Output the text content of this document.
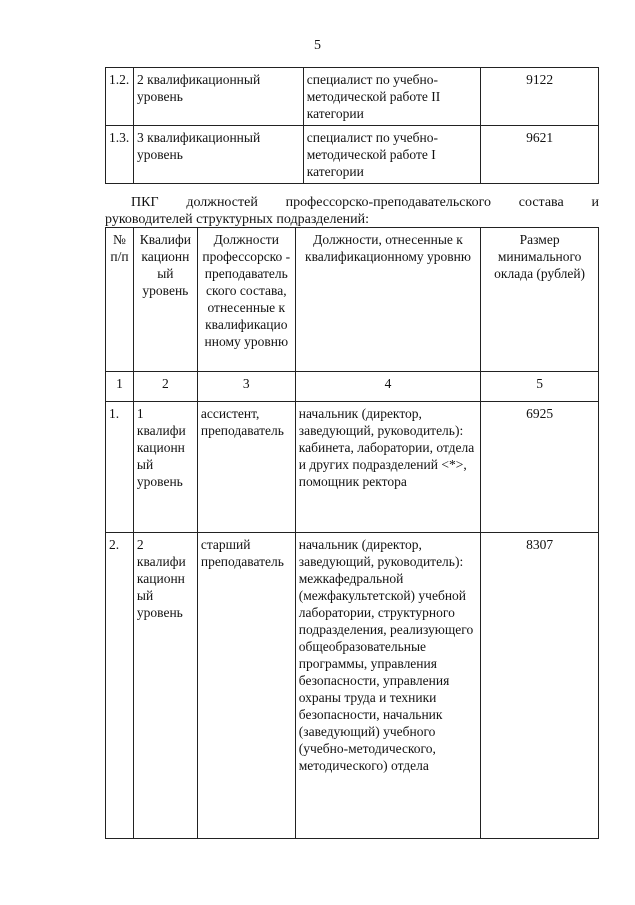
5
1.2.	2 квалификационный уровень	специалист по учебно-методической работе II категории	9122
1.3.	3 квалификационный уровень	специалист по учебно-методической работе I категории	9621
ПКГ должностей профессорско-преподавательского состава и
руководителей структурных подразделений:
№ п/п	Квалифи кационн ый уровень	Должности профессорско - преподаватель ского состава, отнесенные к квалификацио нному уровню	Должности, отнесенные к квалификационному уровню	Размер минимального оклада (рублей)
1	2	3	4	5
1.	1 квалифи кационн ый уровень	ассистент, преподаватель	начальник (директор, заведующий, руководитель): кабинета, лаборатории, отдела и других подразделений <*>, помощник ректора	6925
2.	2 квалифи кационн ый уровень	старший преподаватель	начальник (директор, заведующий, руководитель): межкафедральной (межфакультетской) учебной лаборатории, структурного подразделения, реализующего общеобразовательные программы, управления безопасности, управления охраны труда и техники безопасности, начальник (заведующий) учебного (учебно-методического, методического) отдела	8307
